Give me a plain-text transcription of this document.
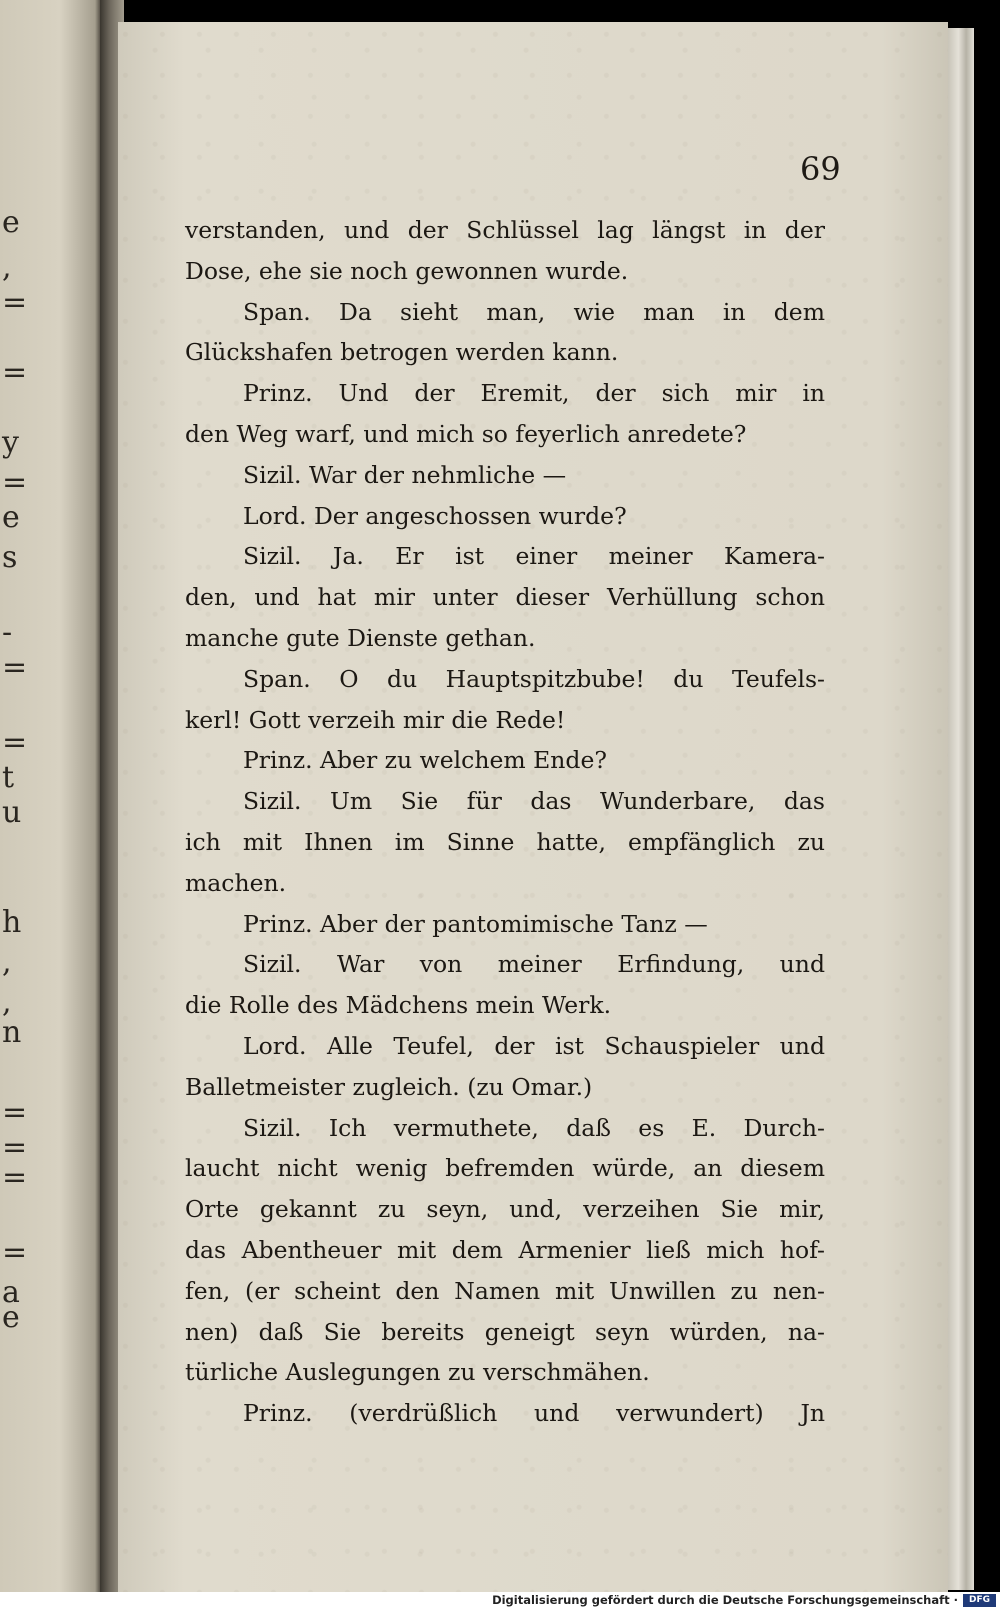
e
,
=
=
y
=
e
s
-
=
=
t
u
h
,
,
n
=
=
=
=
a
e
69
verstanden, und der Schlüssel lag längst in der
Dose, ehe sie noch gewonnen wurde.
Span. Da sieht man, wie man in dem
Glückshafen betrogen werden kann.
Prinz. Und der Eremit, der sich mir in
den Weg warf, und mich so feyerlich anredete?
Sizil. War der nehmliche —
Lord. Der angeschossen wurde?
Sizil. Ja. Er ist einer meiner Kamera-
den, und hat mir unter dieser Verhüllung schon
manche gute Dienste gethan.
Span. O du Hauptspitzbube! du Teufels-
kerl! Gott verzeih mir die Rede!
Prinz. Aber zu welchem Ende?
Sizil. Um Sie für das Wunderbare, das
ich mit Ihnen im Sinne hatte, empfänglich zu
machen.
Prinz. Aber der pantomimische Tanz —
Sizil. War von meiner Erfindung, und
die Rolle des Mädchens mein Werk.
Lord. Alle Teufel, der ist Schauspieler und
Balletmeister zugleich. (zu Omar.)
Sizil. Ich vermuthete, daß es E. Durch-
laucht nicht wenig befremden würde, an diesem
Orte gekannt zu seyn, und, verzeihen Sie mir,
das Abentheuer mit dem Armenier ließ mich hof-
fen, (er scheint den Namen mit Unwillen zu nen-
nen) daß Sie bereits geneigt seyn würden, na-
türliche Auslegungen zu verschmähen.
Prinz. (verdrüßlich und verwundert) Jn
Digitalisierung gefördert durch die Deutsche Forschungsgemeinschaft ·	DFG
